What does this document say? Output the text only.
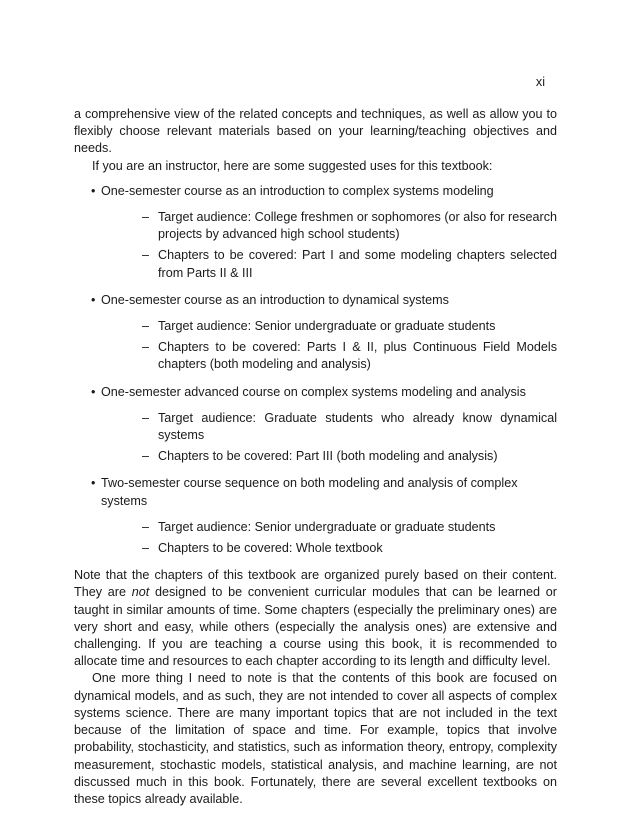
xi

a comprehensive view of the related concepts and techniques, as well as allow you to flexibly choose relevant materials based on your learning/teaching objectives and needs.

If you are an instructor, here are some suggested uses for this textbook:

• One-semester course as an introduction to complex systems modeling
– Target audience: College freshmen or sophomores (or also for research projects by advanced high school students)
– Chapters to be covered: Part I and some modeling chapters selected from Parts II & III
• One-semester course as an introduction to dynamical systems
– Target audience: Senior undergraduate or graduate students
– Chapters to be covered: Parts I & II, plus Continuous Field Models chapters (both modeling and analysis)
• One-semester advanced course on complex systems modeling and analysis
– Target audience: Graduate students who already know dynamical systems
– Chapters to be covered: Part III (both modeling and analysis)
• Two-semester course sequence on both modeling and analysis of complex systems
– Target audience: Senior undergraduate or graduate students
– Chapters to be covered: Whole textbook

Note that the chapters of this textbook are organized purely based on their content. They are not designed to be convenient curricular modules that can be learned or taught in similar amounts of time. Some chapters (especially the preliminary ones) are very short and easy, while others (especially the analysis ones) are extensive and challenging. If you are teaching a course using this book, it is recommended to allocate time and resources to each chapter according to its length and difficulty level.

One more thing I need to note is that the contents of this book are focused on dynamical models, and as such, they are not intended to cover all aspects of complex systems science. There are many important topics that are not included in the text because of the limitation of space and time. For example, topics that involve probability, stochasticity, and statistics, such as information theory, entropy, complexity measurement, stochastic models, statistical analysis, and machine learning, are not discussed much in this book. Fortunately, there are several excellent textbooks on these topics already available.
